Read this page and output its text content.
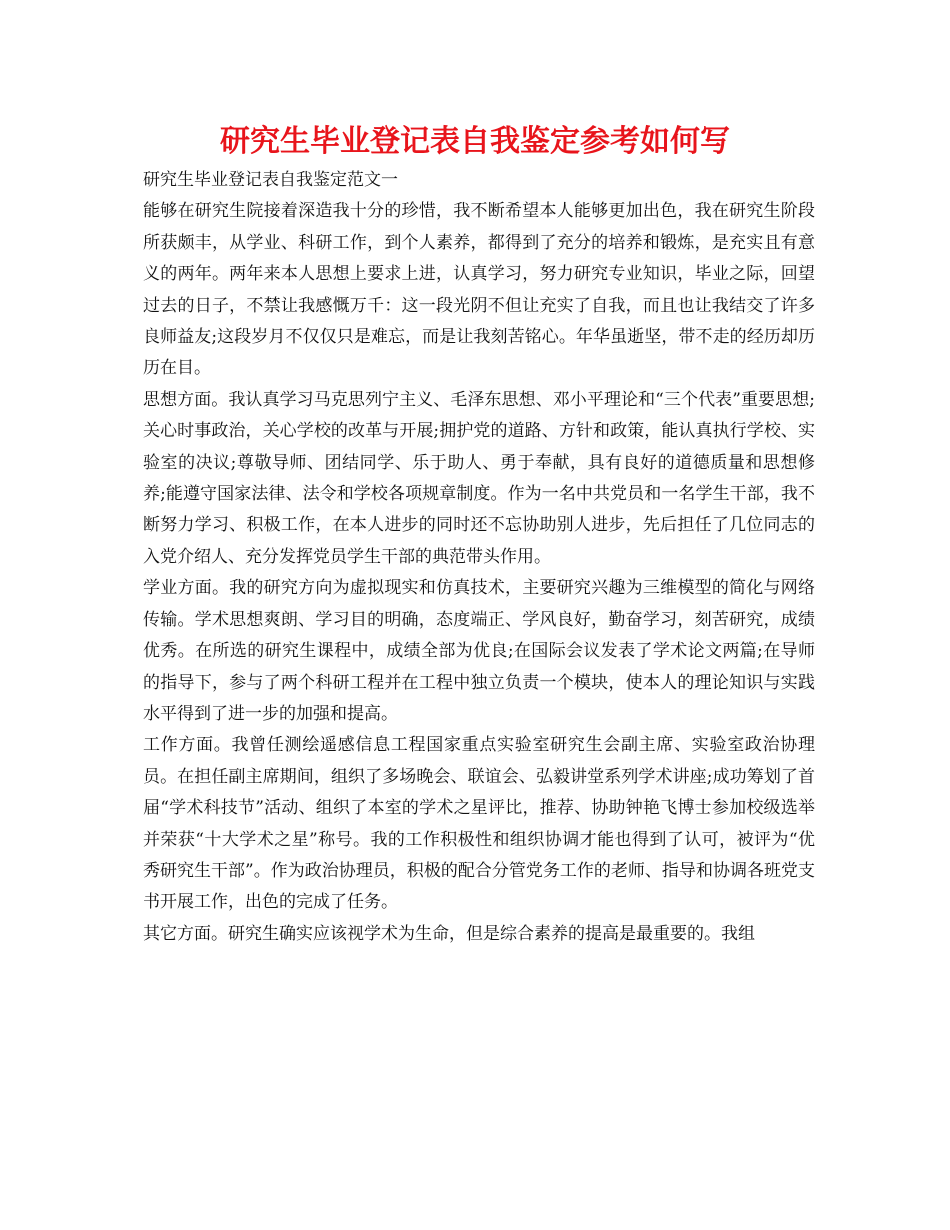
研究生毕业登记表自我鉴定参考如何写

研究生毕业登记表自我鉴定范文一

能够在研究生院接着深造我十分的珍惜，我不断希望本人能够更加出色，我在研究生阶段所获颇丰，从学业、科研工作，到个人素养，都得到了充分的培养和锻炼，是充实且有意义的两年。两年来本人思想上要求上进，认真学习，努力研究专业知识，毕业之际，回望过去的日子，不禁让我感慨万千：这一段光阴不但让充实了自我，而且也让我结交了许多良师益友;这段岁月不仅仅只是难忘，而是让我刻苦铭心。年华虽逝坚，带不走的经历却历历在目。

思想方面。我认真学习马克思列宁主义、毛泽东思想、邓小平理论和“三个代表”重要思想;关心时事政治，关心学校的改革与开展;拥护党的道路、方针和政策，能认真执行学校、实验室的决议;尊敬导师、团结同学、乐于助人、勇于奉献，具有良好的道德质量和思想修养;能遵守国家法律、法令和学校各项规章制度。作为一名中共党员和一名学生干部，我不断努力学习、积极工作，在本人进步的同时还不忘协助别人进步，先后担任了几位同志的入党介绍人、充分发挥党员学生干部的典范带头作用。

学业方面。我的研究方向为虚拟现实和仿真技术，主要研究兴趣为三维模型的简化与网络传输。学术思想爽朗、学习目的明确，态度端正、学风良好，勤奋学习，刻苦研究，成绩优秀。在所选的研究生课程中，成绩全部为优良;在国际会议发表了学术论文两篇;在导师的指导下，参与了两个科研工程并在工程中独立负责一个模块，使本人的理论知识与实践水平得到了进一步的加强和提高。

工作方面。我曾任测绘遥感信息工程国家重点实验室研究生会副主席、实验室政治协理员。在担任副主席期间，组织了多场晚会、联谊会、弘毅讲堂系列学术讲座;成功筹划了首届“学术科技节”活动、组织了本室的学术之星评比，推荐、协助钟艳飞博士参加校级选举并荣获“十大学术之星”称号。我的工作积极性和组织协调才能也得到了认可，被评为“优秀研究生干部”。作为政治协理员，积极的配合分管党务工作的老师、指导和协调各班党支书开展工作，出色的完成了任务。

其它方面。研究生确实应该视学术为生命，但是综合素养的提高是最重要的。我组
